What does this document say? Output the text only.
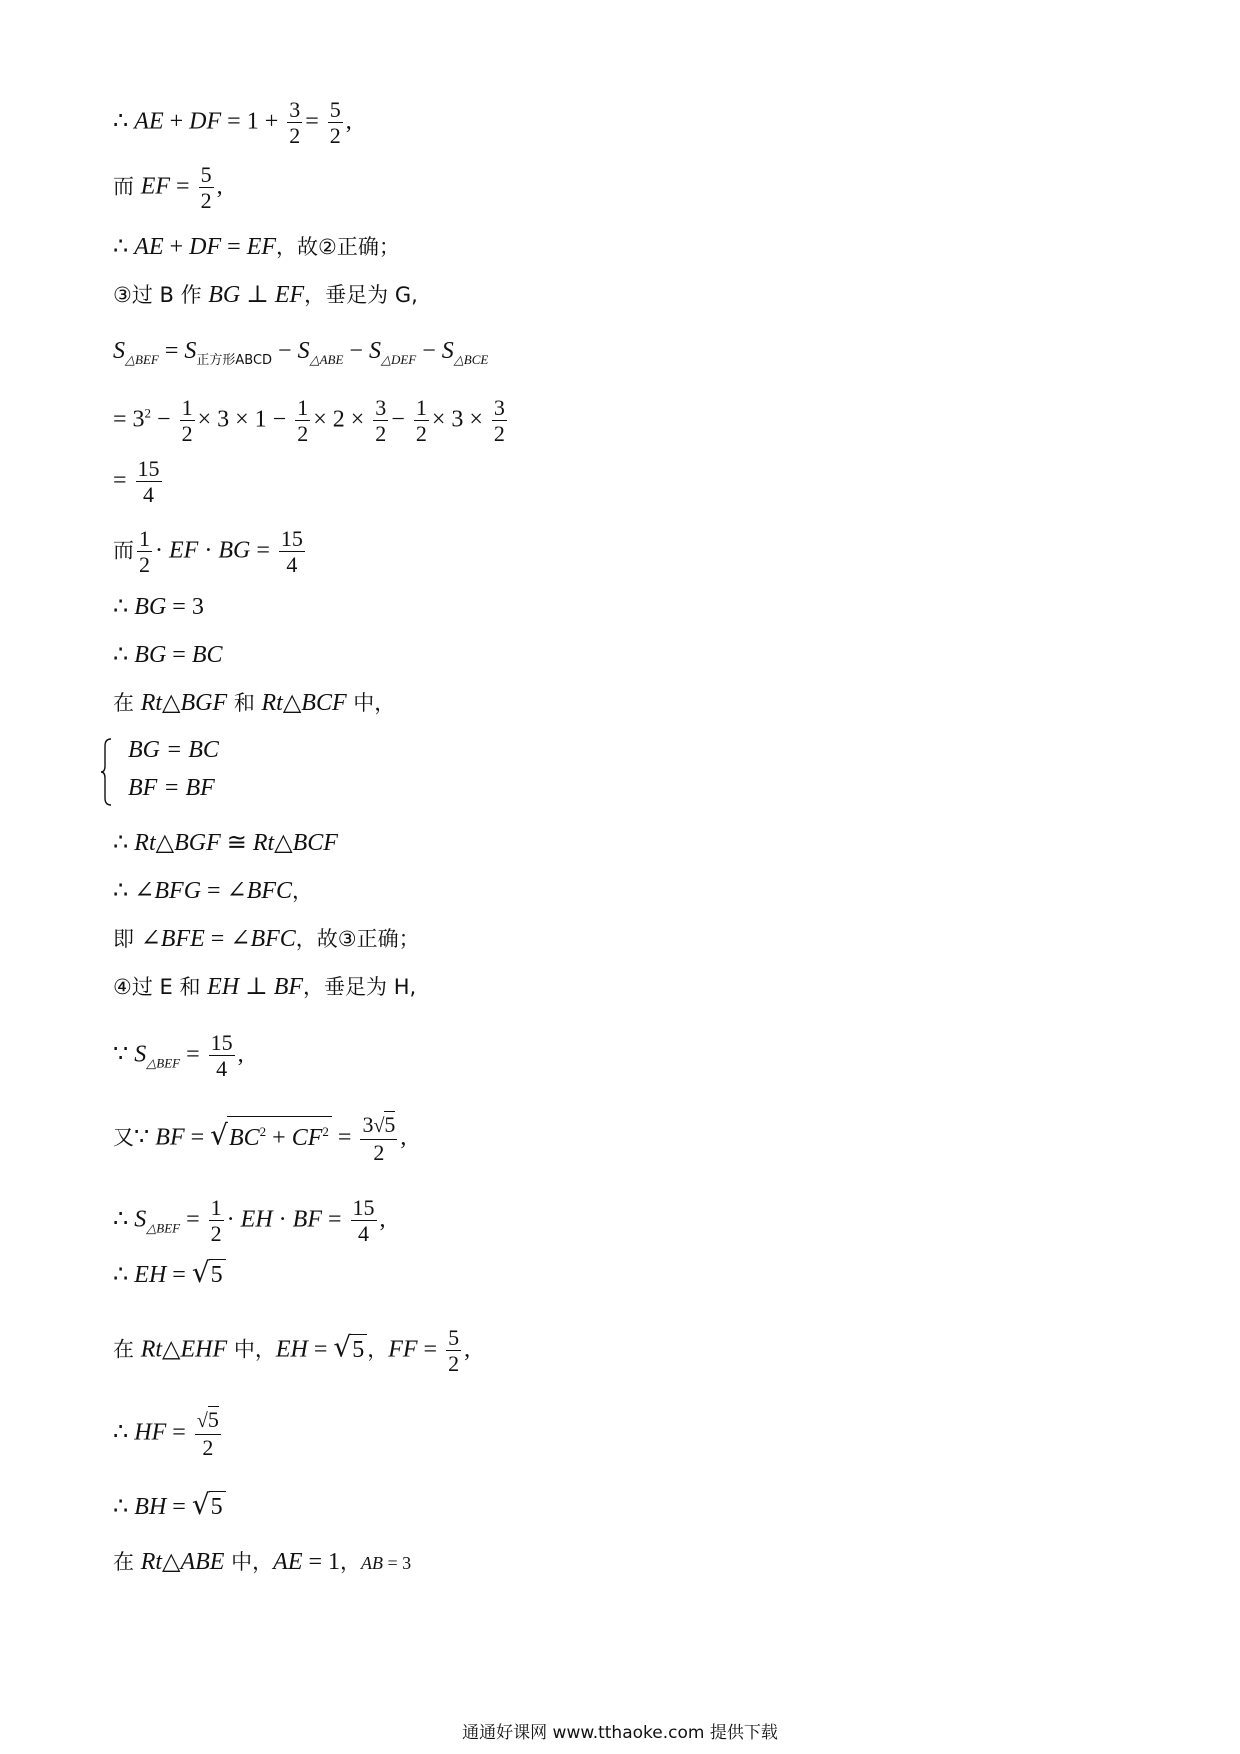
∴ AE + DF = $1 + \frac{3}{2} = \frac{5}{2}$ ,
而 EF = $\frac{5}{2}$ ,
∴ AE + DF = EF，故②正确；
③过 B 作 BG ⊥ EF，垂足为 G,
$S_{\triangle BEF} = S_{正方形ABCD} - S_{\triangle ABE} - S_{\triangle DEF} - S_{\triangle BCE}$
= $3^2 - \frac{1}{2} \times 3 \times 1 - \frac{1}{2} \times 2 \times \frac{3}{2} - \frac{1}{2} \times 3 \times \frac{3}{2}$
= $\frac{15}{4}$
而 $\frac{1}{2}$ · EF · BG = $\frac{15}{4}$
∴ BG = 3
∴ BG = BC
在 Rt△BGF 和 Rt△BCF 中，
BG = BC
BF = BF
∴ Rt△BGF ≅ Rt△BCF
∴ ∠BFG = ∠BFC，
即 ∠BFE = ∠BFC，故③正确；
④过 E 和 EH ⊥ BF，垂足为 H,
∵ $S_{\triangle BEF} = \frac{15}{4}$ ,
又∵ BF = $√BC^2 + CF^2 = \frac{3√5}{2}$ ,
∴ $S_{\triangle BEF} = \frac{1}{2}$ · EH · BF = $\frac{15}{4}$ ,
∴ EH = √5
在 Rt△EHF 中，EH = √5 ，FF = $\frac{5}{2}$ ,
∴ HF = $\frac{√5}{2}$
∴ BH = √5
在 Rt△ABE 中，AE = 1，AB = 3
通通好课网 www.tthaoke.com 提供下载
